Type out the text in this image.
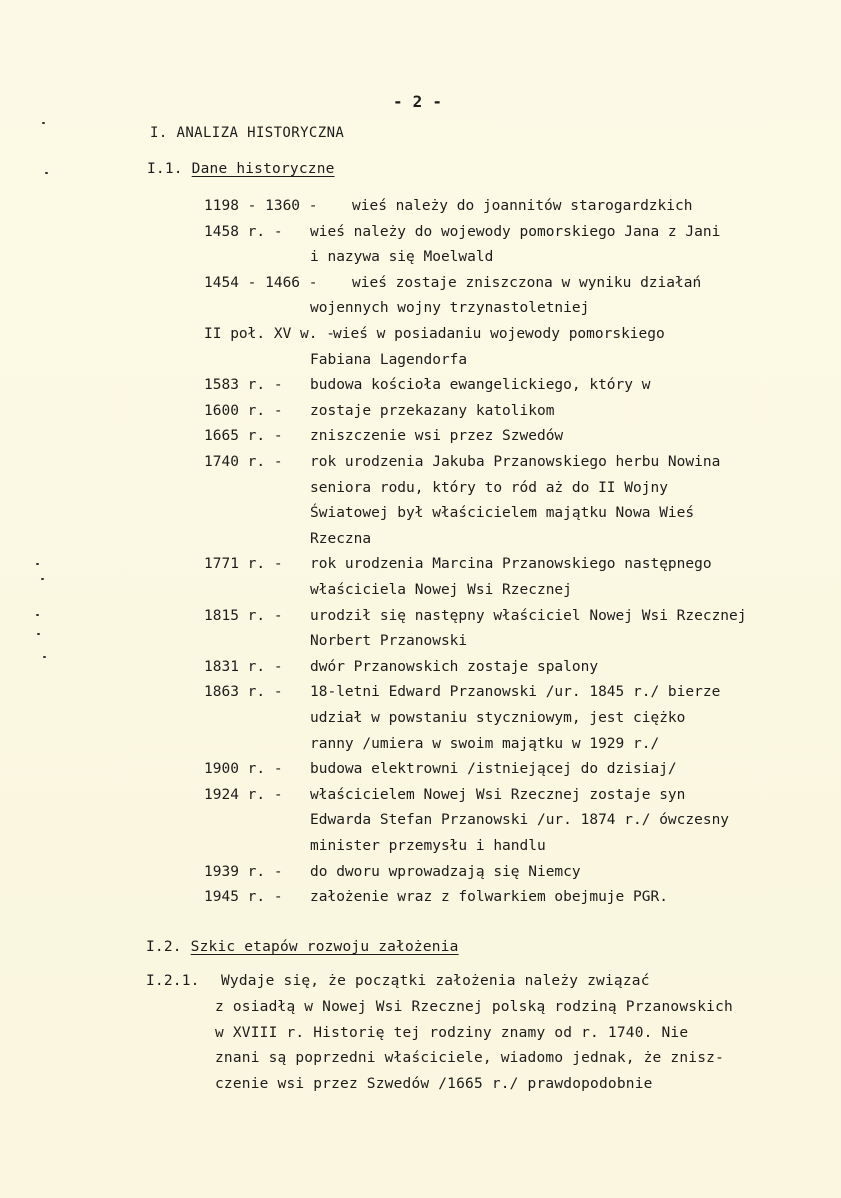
- 2 -
I. ANALIZA HISTORYCZNA
I.1. Dane historyczne
1198 - 1360 - wieś należy do joannitów starogardzkich
1458 r. - wieś należy do wojewody pomorskiego Jana z Jani
i nazywa się Moelwald
1454 - 1466 - wieś zostaje zniszczona w wyniku działań
wojennych wojny trzynastoletniej
II poł. XV w. -
wieś w posiadaniu wojewody pomorskiego
Fabiana Lagendorfa
1583 r. - budowa kościoła ewangelickiego, który w
1600 r. - zostaje przekazany katolikom
1665 r. - zniszczenie wsi przez Szwedów
1740 r. - rok urodzenia Jakuba Przanowskiego herbu Nowina
seniora rodu, który to ród aż do II Wojny
Światowej był właścicielem majątku Nowa Wieś
Rzeczna
1771 r. - rok urodzenia Marcina Przanowskiego następnego
właściciela Nowej Wsi Rzecznej
1815 r. - urodził się następny właściciel Nowej Wsi Rzecznej
Norbert Przanowski
1831 r. - dwór Przanowskich zostaje spalony
1863 r. - 18-letni Edward Przanowski /ur. 1845 r./ bierze
udział w powstaniu styczniowym, jest ciężko
ranny /umiera w swoim majątku w 1929 r./
1900 r. - budowa elektrowni /istniejącej do dzisiaj/
1924 r. - właścicielem Nowej Wsi Rzecznej zostaje syn
Edwarda Stefan Przanowski /ur. 1874 r./ ówczesny
minister przemysłu i handlu
1939 r. - do dworu wprowadzają się Niemcy
1945 r. - założenie wraz z folwarkiem obejmuje PGR.
I.2. Szkic etapów rozwoju założenia
I.2.1. Wydaje się, że początki założenia należy związać
z osiadłą w Nowej Wsi Rzecznej polską rodziną Przanowskich
w XVIII r. Historię tej rodziny znamy od r. 1740. Nie
znani są poprzedni właściciele, wiadomo jednak, że znisz-
czenie wsi przez Szwedów /1665 r./ prawdopodobnie
